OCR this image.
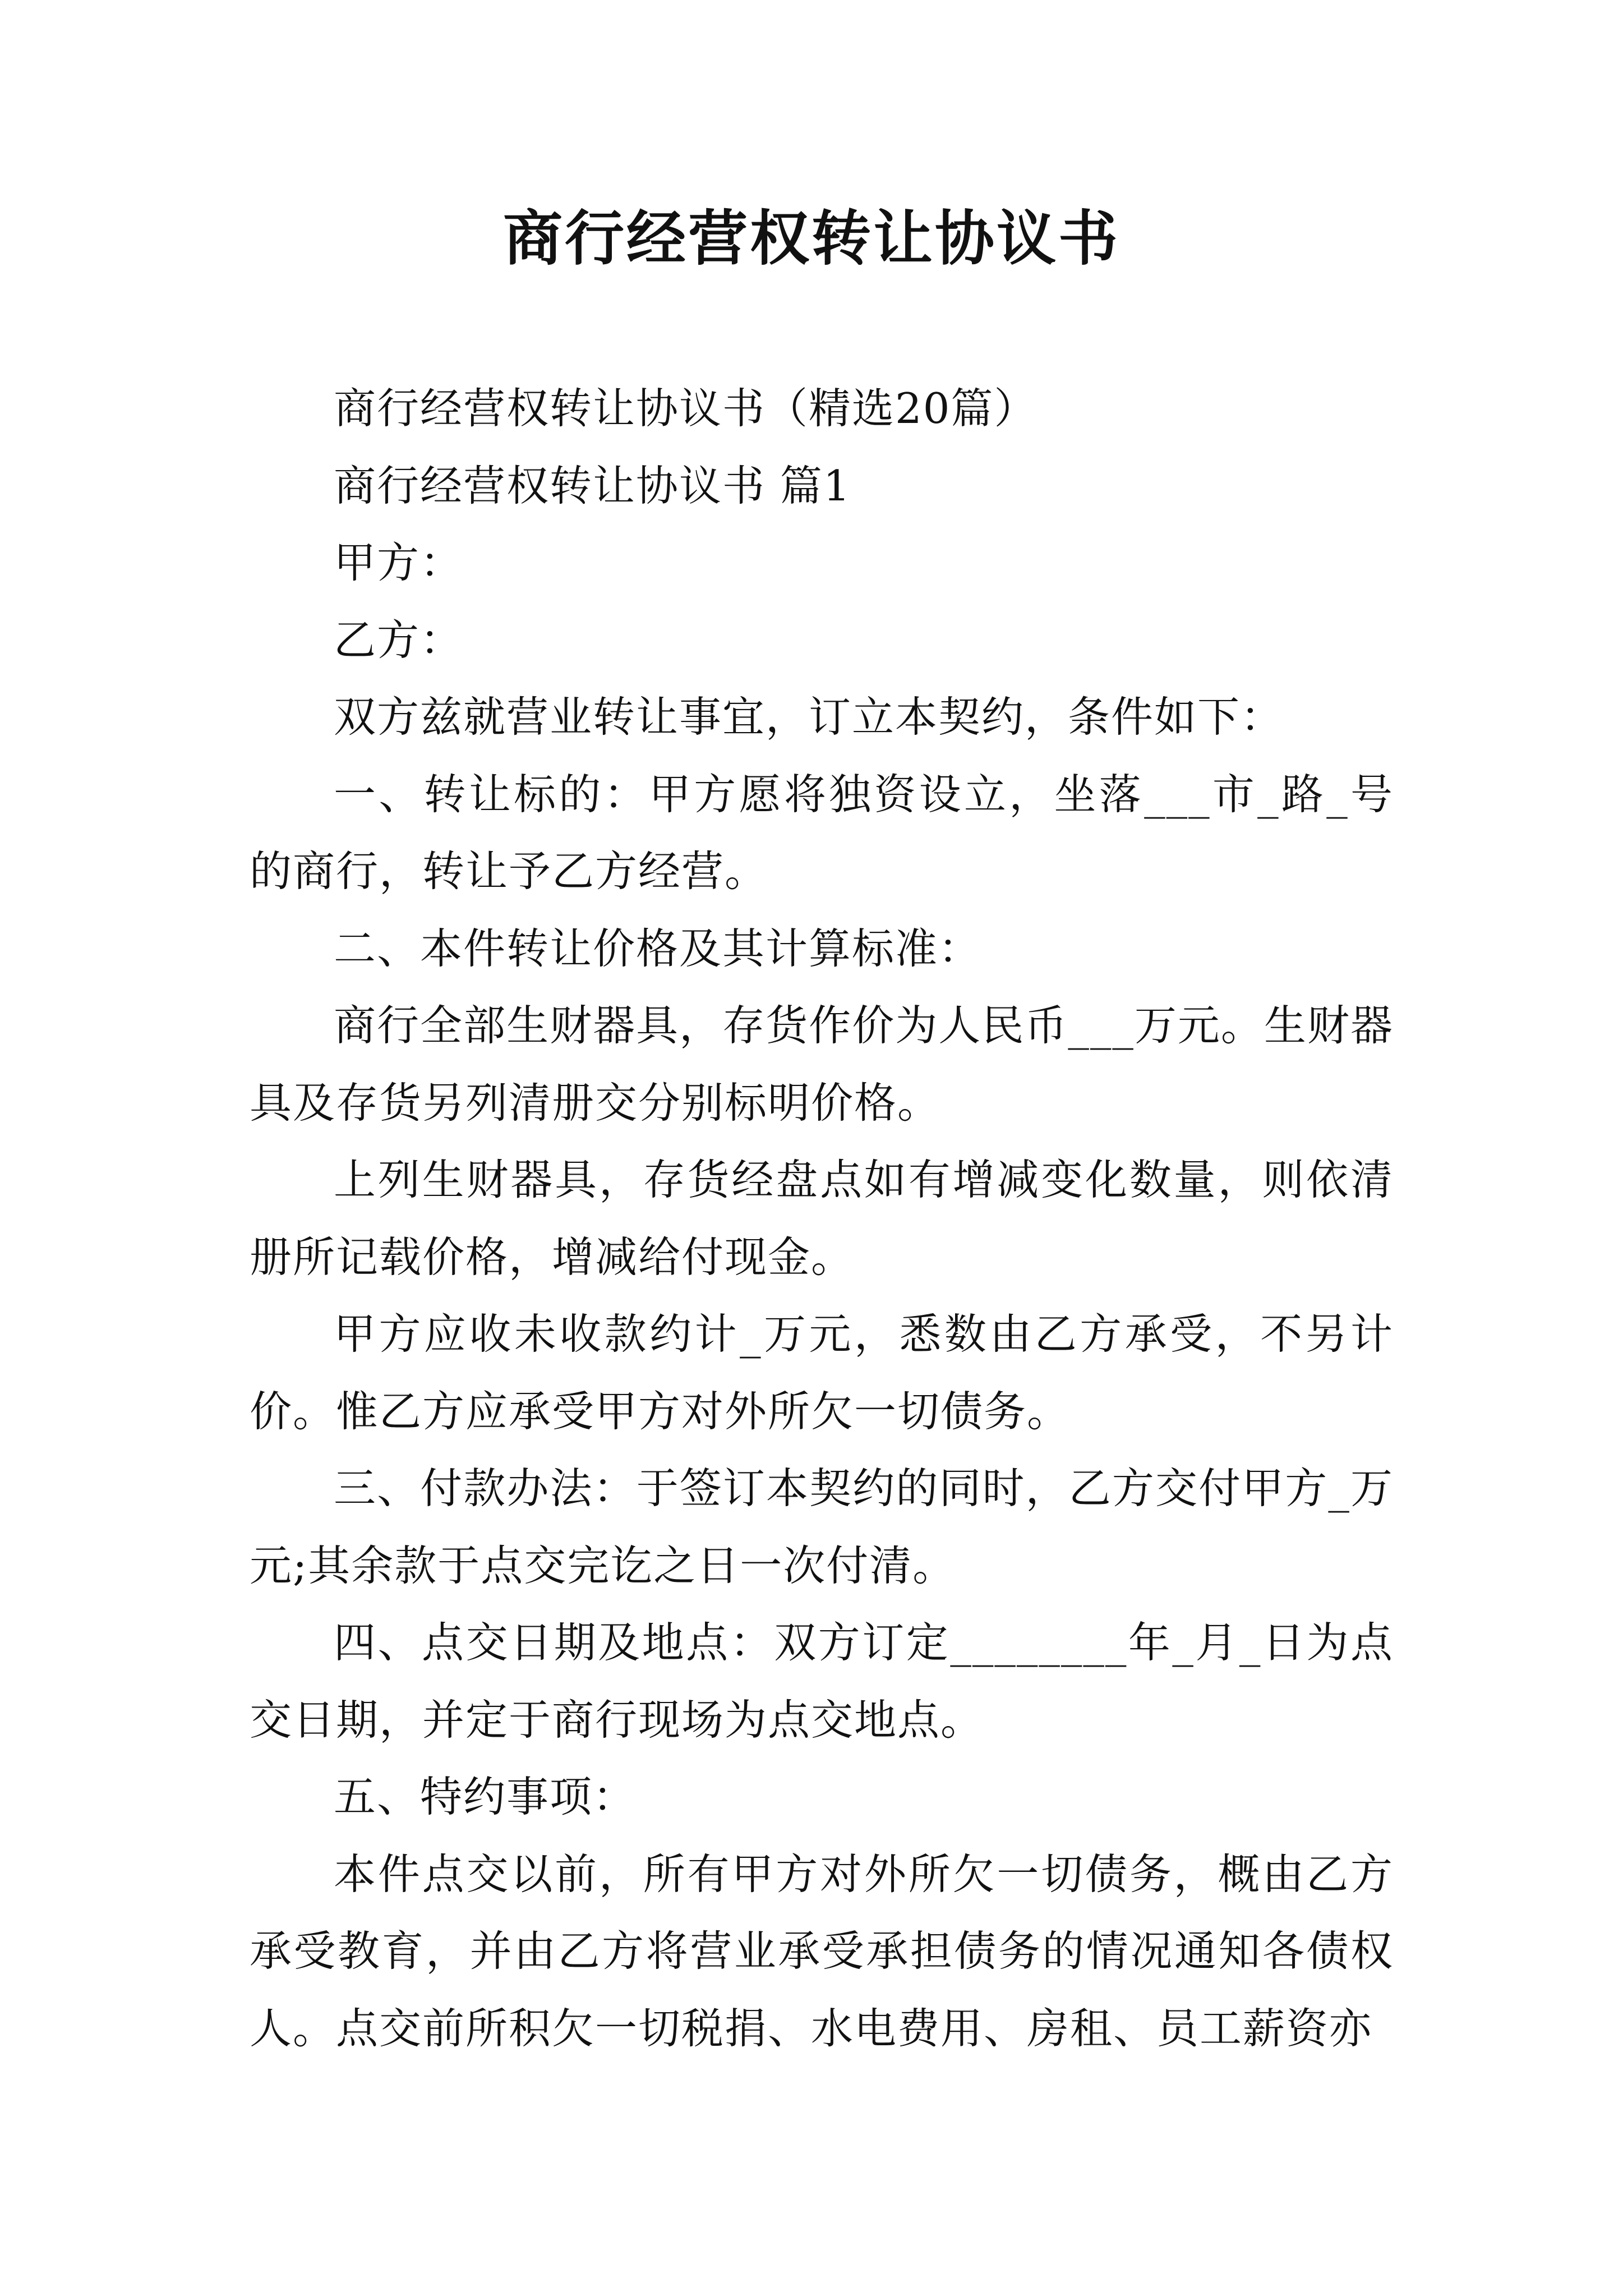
商行经营权转让协议书

商行经营权转让协议书（精选20篇）

商行经营权转让协议书 篇1

甲方：

乙方：

双方兹就营业转让事宜，订立本契约，条件如下：

一、转让标的：甲方愿将独资设立，坐落___市_路_号的商行，转让予乙方经营。

二、本件转让价格及其计算标准：

商行全部生财器具，存货作价为人民币___万元。生财器具及存货另列清册交分别标明价格。

上列生财器具，存货经盘点如有增减变化数量，则依清册所记载价格，增减给付现金。

甲方应收未收款约计_万元，悉数由乙方承受，不另计价。惟乙方应承受甲方对外所欠一切债务。

三、付款办法：于签订本契约的同时，乙方交付甲方_万元;其余款于点交完讫之日一次付清。

四、点交日期及地点：双方订定________年_月_日为点交日期，并定于商行现场为点交地点。

五、特约事项：

本件点交以前，所有甲方对外所欠一切债务，概由乙方承受教育，并由乙方将营业承受承担债务的情况通知各债权人。点交前所积欠一切税捐、水电费用、房租、员工薪资亦
